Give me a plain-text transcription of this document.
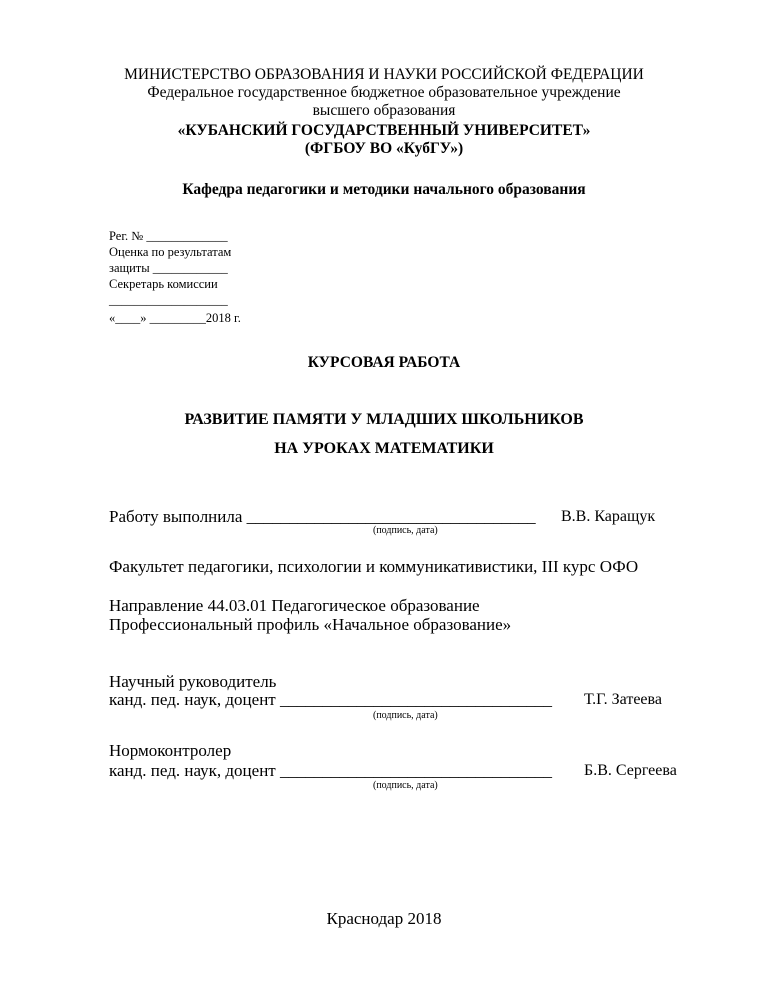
МИНИСТЕРСТВО ОБРАЗОВАНИЯ И НАУКИ РОССИЙСКОЙ ФЕДЕРАЦИИ
Федеральное государственное бюджетное образовательное учреждение
высшего образования
«КУБАНСКИЙ ГОСУДАРСТВЕННЫЙ УНИВЕРСИТЕТ»
(ФГБОУ ВО «КубГУ»)
Кафедра педагогики и методики начального образования
Рег. № _____________
Оценка по результатам
защиты ____________
Секретарь комиссии
___________________
«____» _________2018 г.
КУРСОВАЯ РАБОТА
РАЗВИТИЕ ПАМЯТИ У МЛАДШИХ ШКОЛЬНИКОВ
НА УРОКАХ МАТЕМАТИКИ
Работу выполнила __________________________________ В.В. Каращук
(подпись, дата)
Факультет педагогики, психологии и коммуникативистики, III курс ОФО
Направление 44.03.01 Педагогическое образование
Профессиональный профиль «Начальное образование»
Научный руководитель
канд. пед. наук, доцент ________________________________ Т.Г. Затеева
(подпись, дата)
Нормоконтролер
канд. пед. наук, доцент ________________________________ Б.В. Сергеева
(подпись, дата)
Краснодар 2018
